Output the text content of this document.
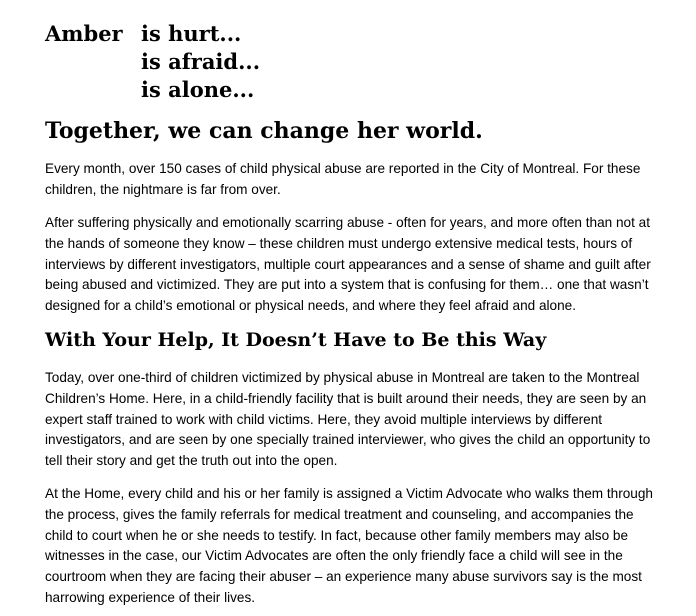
Amber is hurt...
is afraid...
is alone...
Together, we can change her world.

Every month, over 150 cases of child physical abuse are reported in the City of Montreal. For these children, the nightmare is far from over.

After suffering physically and emotionally scarring abuse - often for years, and more often than not at the hands of someone they know – these children must undergo extensive medical tests, hours of interviews by different investigators, multiple court appearances and a sense of shame and guilt after being abused and victimized. They are put into a system that is confusing for them… one that wasn’t designed for a child’s emotional or physical needs, and where they feel afraid and alone.

With Your Help, It Doesn’t Have to Be this Way

Today, over one-third of children victimized by physical abuse in Montreal are taken to the Montreal Children’s Home. Here, in a child-friendly facility that is built around their needs, they are seen by an expert staff trained to work with child victims. Here, they avoid multiple interviews by different investigators, and are seen by one specially trained interviewer, who gives the child an opportunity to tell their story and get the truth out into the open.

At the Home, every child and his or her family is assigned a Victim Advocate who walks them through the process, gives the family referrals for medical treatment and counseling, and accompanies the child to court when he or she needs to testify. In fact, because other family members may also be witnesses in the case, our Victim Advocates are often the only friendly face a child will see in the courtroom when they are facing their abuser – an experience many abuse survivors say is the most harrowing experience of their lives.
